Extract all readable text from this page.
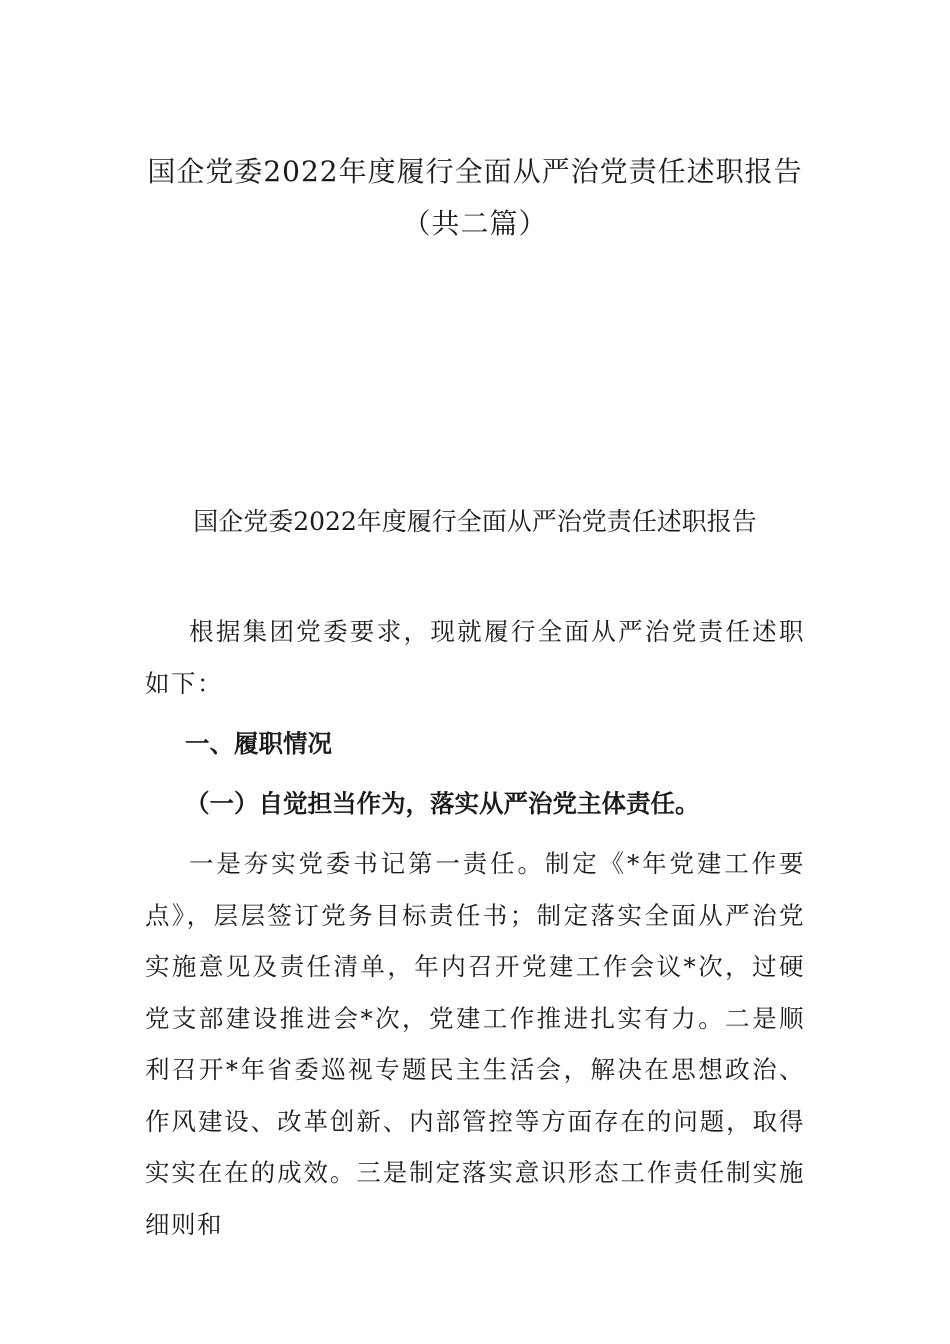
国企党委2022年度履行全面从严治党责任述职报告
（共二篇）
国企党委2022年度履行全面从严治党责任述职报告

根据集团党委要求，现就履行全面从严治党责任述职如下：

一、履职情况
（一）自觉担当作为，落实从严治党主体责任。

一是夯实党委书记第一责任。制定《*年党建工作要点》，层层签订党务目标责任书；制定落实全面从严治党实施意见及责任清单，年内召开党建工作会议*次，过硬党支部建设推进会*次，党建工作推进扎实有力。二是顺利召开*年省委巡视专题民主生活会，解决在思想政治、作风建设、改革创新、内部管控等方面存在的问题，取得实实在在的成效。三是制定落实意识形态工作责任制实施细则和
